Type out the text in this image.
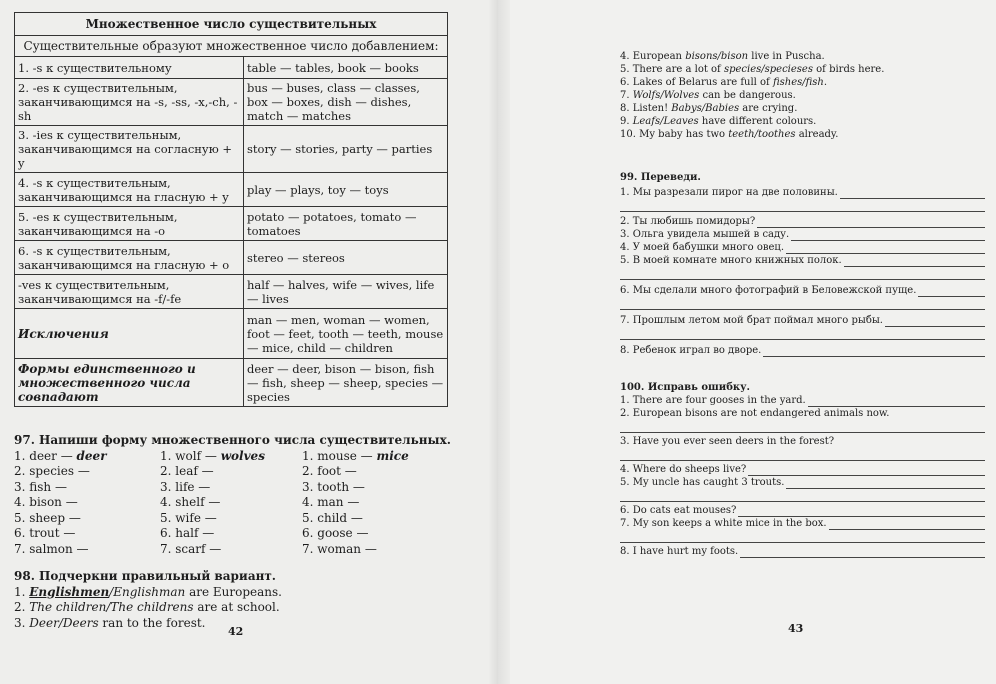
Множественное число существительных	
Существительные образуют множественное число добавлением:	
1. -s к существительному	table — tables, book — books
2. -es к существительным, заканчивающимся на -s, -ss, -x,-ch, -sh	bus — buses, class — classes, box — boxes, dish — dishes, match — matches
3. -ies к существительным, заканчивающимся на согласную + y	story — stories, party — parties
4. -s к существительным, заканчивающимся на гласную + y	play — plays, toy — toys
5. -es к существительным, заканчивающимся на -o	potato — potatoes, tomato — tomatoes
6. -s к существительным, заканчивающимся на гласную + o	stereo — stereos
-ves к существительным, заканчивающимся на -f/-fe	half — halves, wife — wives, life — lives
Исключения	man — men, woman — women, foot — feet, tooth — teeth, mouse — mice, child — children
Формы единственного и множественного числа совпадают	deer — deer, bison — bison, fish — fish, sheep — sheep, species — species
97. Напиши форму множественного числа существительных.
1. deer — deer
2. species —
3. fish —
4. bison —
5. sheep —
6. trout —
7. salmon —
1. wolf — wolves
2. leaf —
3. life —
4. shelf —
5. wife —
6. half —
7. scarf —
1. mouse — mice
2. foot —
3. tooth —
4. man —
5. child —
6. goose —
7. woman —
98. Подчеркни правильный вариант.
1. Englishmen/Englishman are Europeans.
2. The children/The childrens are at school.
3. Deer/Deers ran to the forest.
42
4. European bisons/bison live in Puscha.
5. There are a lot of species/specieses of birds here.
6. Lakes of Belarus are full of fishes/fish.
7. Wolfs/Wolves can be dangerous.
8. Listen! Babys/Babies are crying.
9. Leafs/Leaves have different colours.
10. My baby has two teeth/toothes already.
99. Переведи.
1. Мы разрезали пирог на две половины.
2. Ты любишь помидоры?
3. Ольга увидела мышей в саду.
4. У моей бабушки много овец.
5. В моей комнате много книжных полок.
6. Мы сделали много фотографий в Беловежской пуще.
7. Прошлым летом мой брат поймал много рыбы.
8. Ребенок играл во дворе.
100. Исправь ошибку.
1. There are four gooses in the yard.
2. European bisons are not endangered animals now.
3. Have you ever seen deers in the forest?
4. Where do sheeps live?
5. My uncle has caught 3 trouts.
6. Do cats eat mouses?
7. My son keeps a white mice in the box.
8. I have hurt my foots.
43
